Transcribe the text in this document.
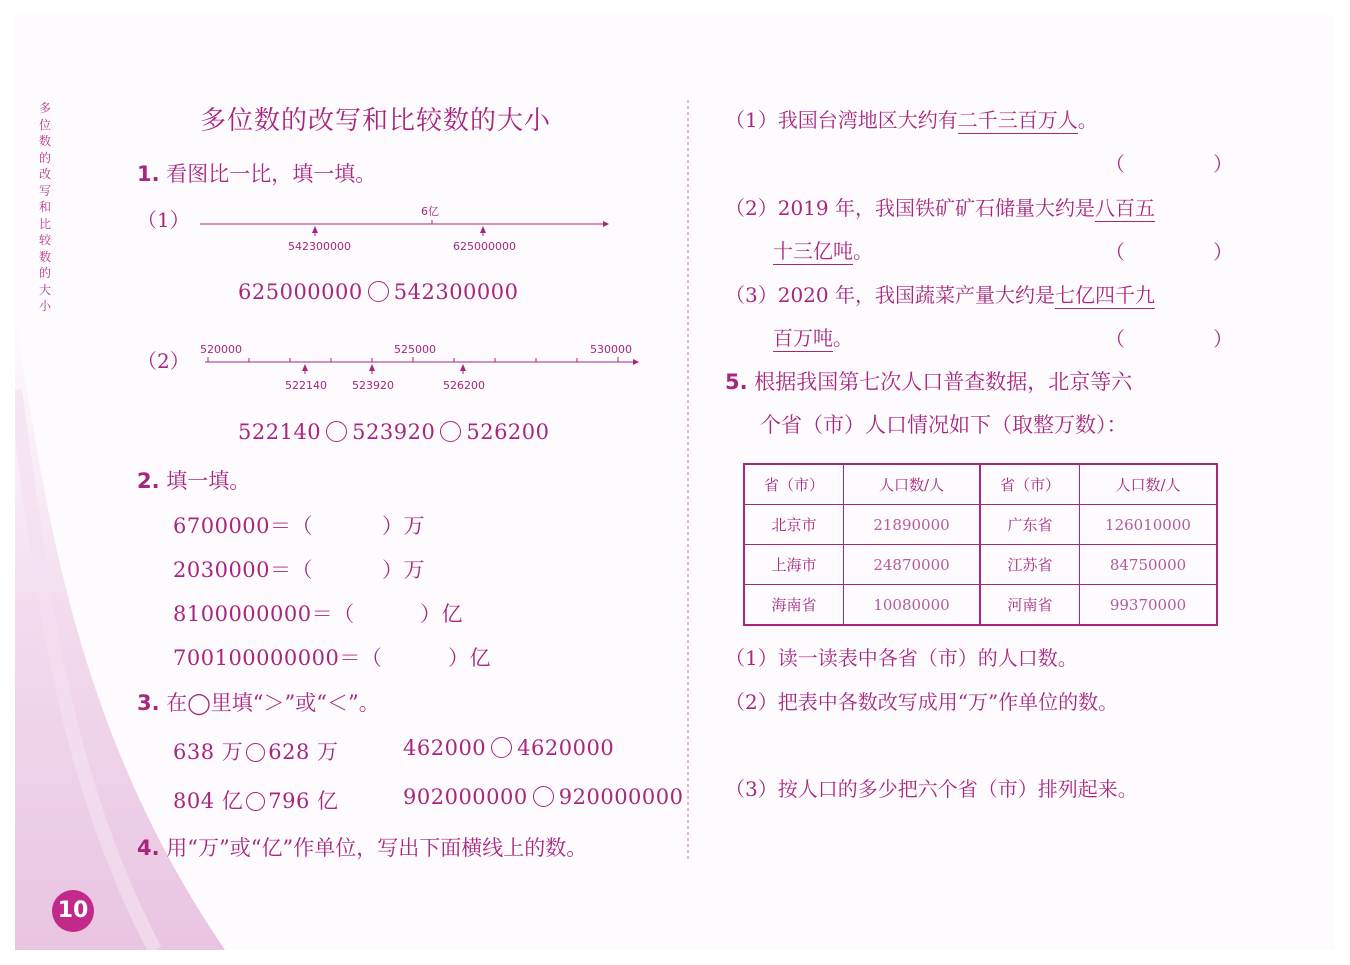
多位数的改写和比较数的大小
多位数的改写和比较数的大小
1. 看图比一比，填一填。
（1）	6亿
542300000	625000000
625000000 542300000
（2） 520000	525000	530000
522140 523920	526200
522140 523920 526200
2. 填一填。
6700000＝（	）万
2030000＝（	）万
8100000000＝（	）亿
700100000000＝（	）亿
3. 在◯里填“＞”或“＜”。
638 万 628 万	462000 4620000
804 亿 796 亿	902000000 920000000
4. 用“万”或“亿”作单位，写出下面横线上的数。
（1）我国台湾地区大约有二千三百万人。
（	）
（2）2019 年，我国铁矿矿石储量大约是八百五
十三亿吨。	（	）
（3）2020 年，我国蔬菜产量大约是七亿四千九
百万吨。	（	）
5. 根据我国第七次人口普查数据，北京等六
个省（市）人口情况如下（取整万数）：
省（市）	人口数/人	省（市）	人口数/人
北京市	21890000	广东省	126010000
上海市	24870000	江苏省	84750000
海南省	10080000	河南省	99370000
（1）读一读表中各省（市）的人口数。
（2）把表中各数改写成用“万”作单位的数。
（3）按人口的多少把六个省（市）排列起来。
10
